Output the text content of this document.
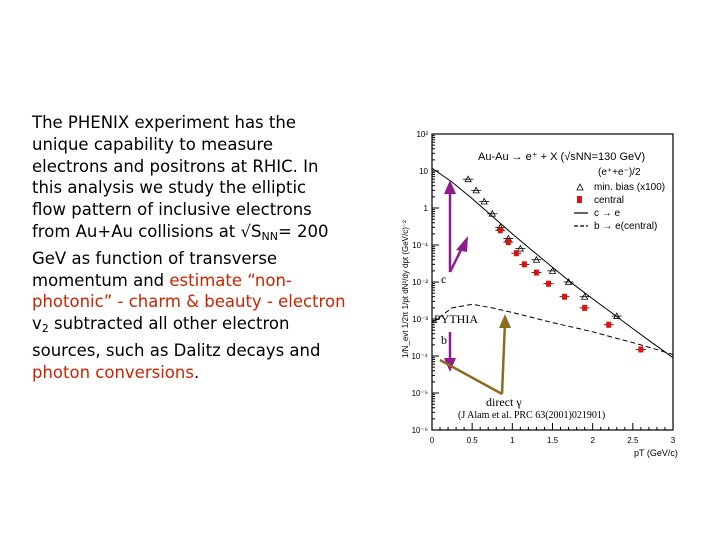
The PHENIX experiment has the
unique capability to measure
electrons and positrons at RHIC. In
this analysis we study the elliptic
flow pattern of inclusive electrons
from Au+Au collisions at $√S_{NN}= 200$
GeV as function of transverse
momentum and estimate “non-
photonic” - charm & beauty - electron
$v_2$ subtracted all other electron
sources, such as Dalitz decays and
photon conversions.
1/N_evt 1/2π 1/pt dN²/dy dpt (GeV/c)⁻²
Au-Au → e⁺ + X (√sNN=130 GeV)
(e⁺+e⁻)/2
pT (GeV/c)
c
PYTHIA
b
direct γ
(J Alam et al. PRC 63(2001)021901)
0	0.5	1	1.5	2	2.5	3
10²
10
1
10⁻¹
10⁻²
10⁻³
10⁻⁴
10⁻⁵
10⁻⁶
min. bias (x100)
central
c → e
b → e(central)
